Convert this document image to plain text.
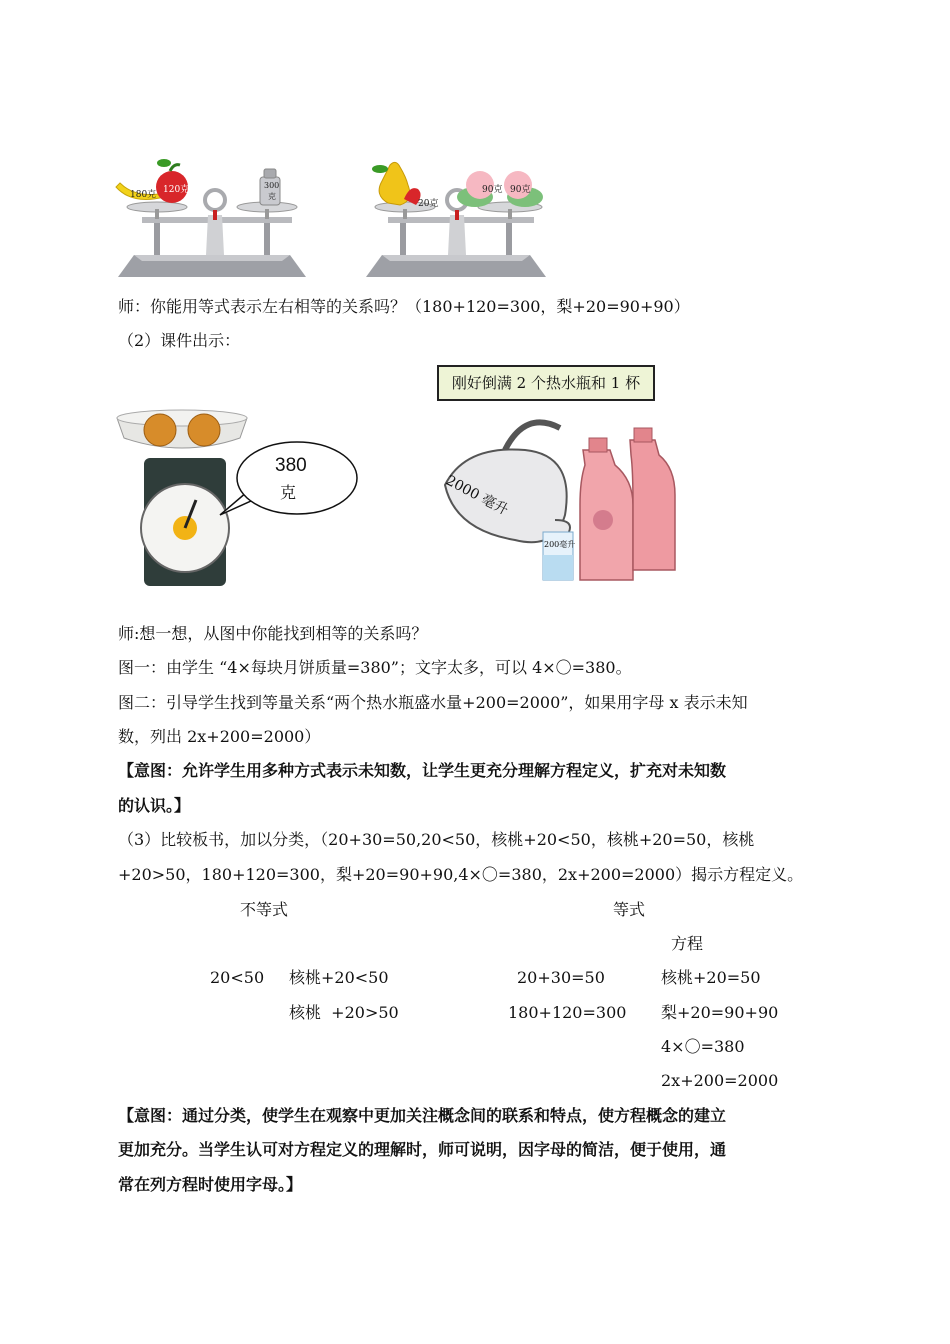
180克 120克	300
克
20克
90克 90克
师：你能用等式表示左右相等的关系吗？（180+120=300，梨+20=90+90）
（2）课件出示：
380
克
刚好倒满 2 个热水瓶和 1 杯
2000 毫升
200毫升
师:想一想，从图中你能找到相等的关系吗？
图一：由学生 “4×每块月饼质量=380”；文字太多，可以 4×〇=380。
图二：引导学生找到等量关系“两个热水瓶盛水量+200=2000”，如果用字母 x 表示未知
数，列出 2x+200=2000）
【意图：允许学生用多种方式表示未知数，让学生更充分理解方程定义，扩充对未知数
的认识。】
（3）比较板书，加以分类，（20+30=50,20<50，核桃+20<50，核桃+20=50，核桃
+20>50，180+120=300，梨+20=90+90,4×〇=380，2x+200=2000）揭示方程定义。
不等式	等式
方程
20<50 核桃+20<50
核桃  +20>50
20+30=50
180+120=300
核桃+20=50
梨+20=90+90
4×〇=380
2x+200=2000
【意图：通过分类，使学生在观察中更加关注概念间的联系和特点，使方程概念的建立
更加充分。当学生认可对方程定义的理解时，师可说明，因字母的简洁，便于使用，通
常在列方程时使用字母。】
